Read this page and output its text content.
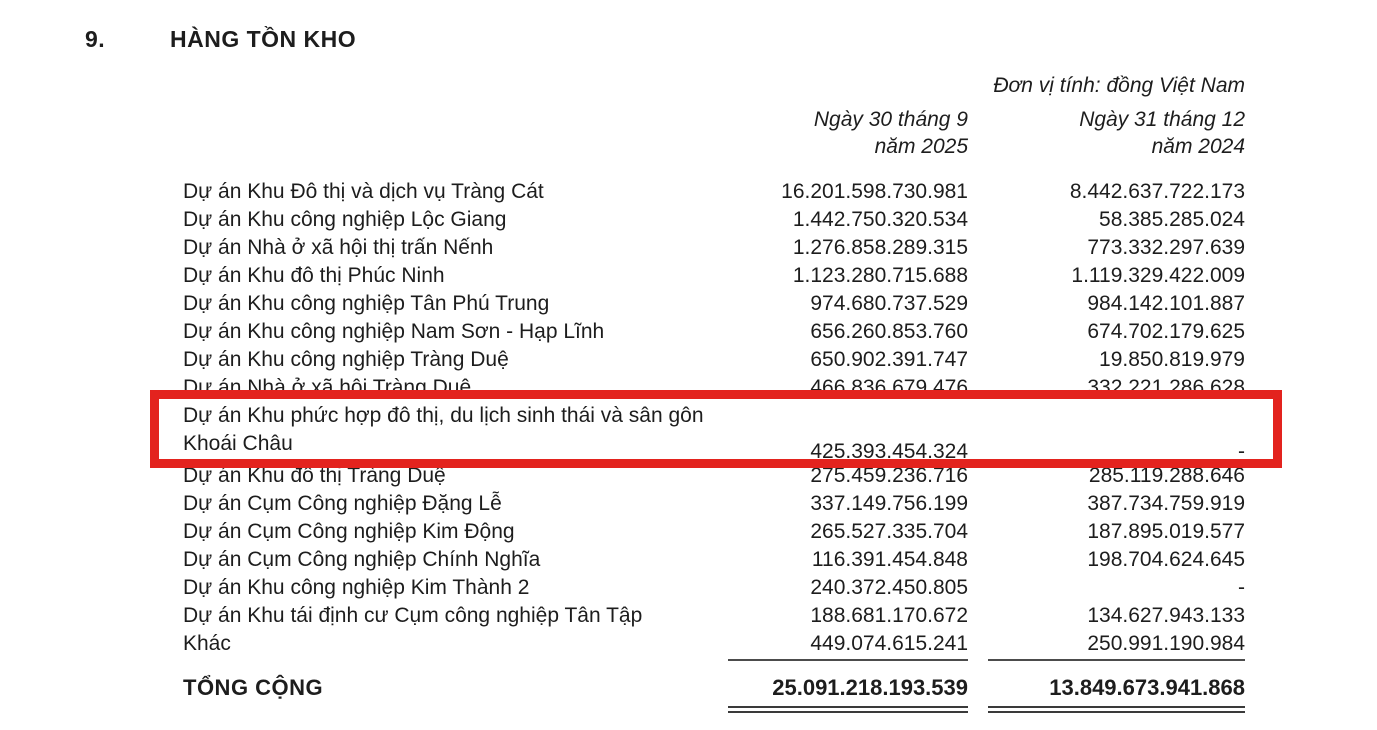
9.	HÀNG TỒN KHO
Đơn vị tính: đồng Việt Nam
Ngày 30 tháng 9
năm 2025
Ngày 31 tháng 12
năm 2024
Dự án Khu Đô thị và dịch vụ Tràng Cát	16.201.598.730.981	8.442.637.722.173
Dự án Khu công nghiệp Lộc Giang	1.442.750.320.534	58.385.285.024
Dự án Nhà ở xã hội thị trấn Nếnh	1.276.858.289.315	773.332.297.639
Dự án Khu đô thị Phúc Ninh	1.123.280.715.688	1.119.329.422.009
Dự án Khu công nghiệp Tân Phú Trung	974.680.737.529	984.142.101.887
Dự án Khu công nghiệp Nam Sơn - Hạp Lĩnh	656.260.853.760	674.702.179.625
Dự án Khu công nghiệp Tràng Duệ	650.902.391.747	19.850.819.979
Dự án Nhà ở xã hội Tràng Duệ	466.836.679.476	332.221.286.628
Dự án Khu phức hợp đô thị, du lịch sinh thái và sân gôn Khoái Châu	425.393.454.324	-
Dự án Khu đô thị Tràng Duệ	275.459.236.716	285.119.288.646
Dự án Cụm Công nghiệp Đặng Lễ	337.149.756.199	387.734.759.919
Dự án Cụm Công nghiệp Kim Động	265.527.335.704	187.895.019.577
Dự án Cụm Công nghiệp Chính Nghĩa	116.391.454.848	198.704.624.645
Dự án Khu công nghiệp Kim Thành 2	240.372.450.805	-
Dự án Khu tái định cư Cụm công nghiệp Tân Tập	188.681.170.672	134.627.943.133
Khác	449.074.615.241	250.991.190.984
TỔNG CỘNG	25.091.218.193.539	13.849.673.941.868
